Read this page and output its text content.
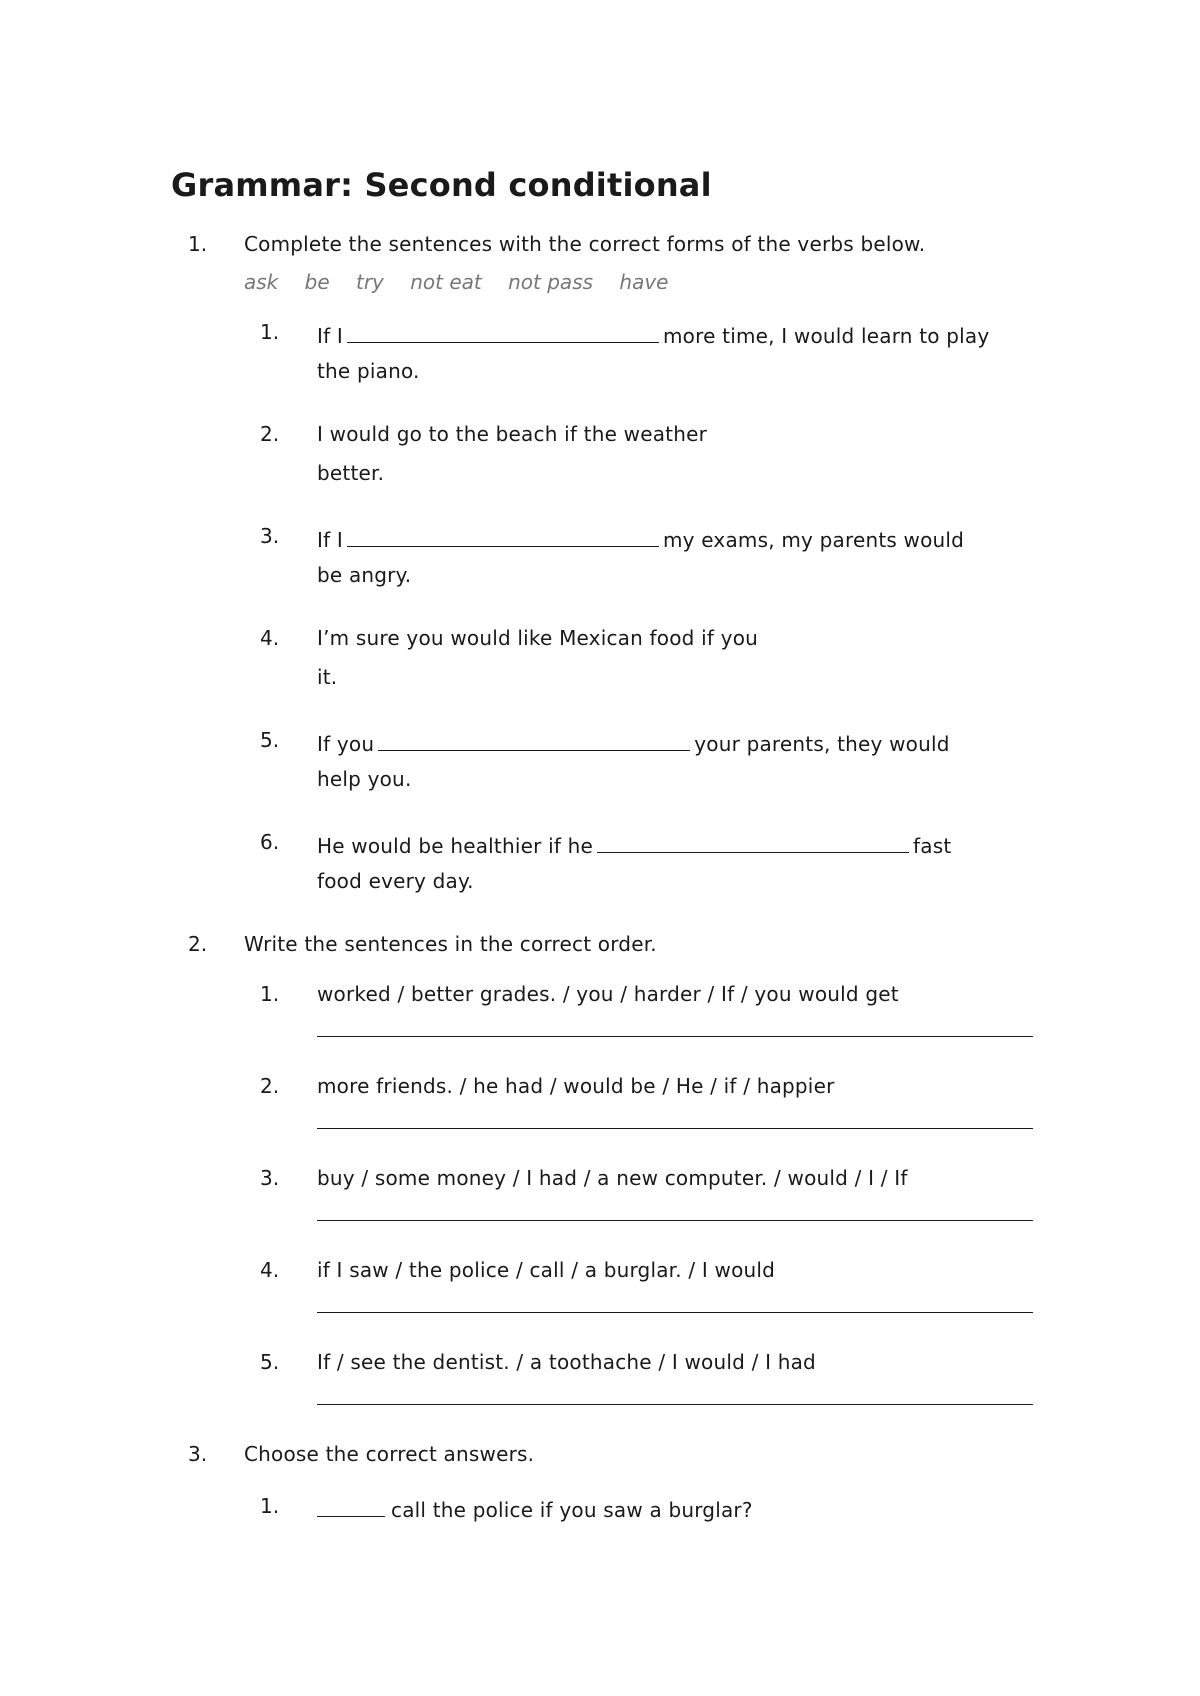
Grammar: Second conditional
1. Complete the sentences with the correct forms of the verbs below.
ask be try not eat not pass have
1. If I	more time, I would learn to play
the piano.
2. I would go to the beach if the weather
better.
3. If I	my exams, my parents would
be angry.
4. I’m sure you would like Mexican food if you
it.
5. If you	your parents, they would
help you.
6. He would be healthier if he	fast
food every day.
2. Write the sentences in the correct order.
1. worked / better grades. / you / harder / If / you would get
2. more friends. / he had / would be / He / if / happier
3. buy / some money / I had / a new computer. / would / I / If
4. if I saw / the police / call / a burglar. / I would
5. If / see the dentist. / a toothache / I would / I had
3. Choose the correct answers.
1.	call the police if you saw a burglar?
